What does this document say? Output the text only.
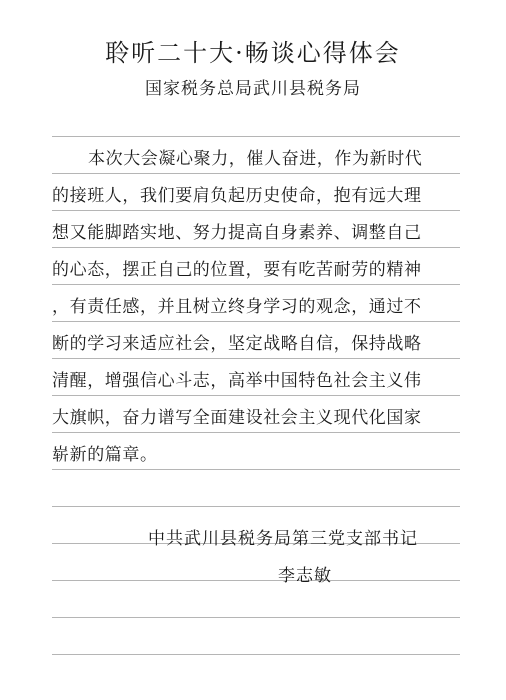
聆听二十大·畅谈心得体会
国家税务总局武川县税务局
本次大会凝心聚力，催人奋进，作为新时代
的接班人，我们要肩负起历史使命，抱有远大理
想又能脚踏实地、努力提高自身素养、调整自己
的心态，摆正自己的位置，要有吃苦耐劳的精神
，有责任感，并且树立终身学习的观念，通过不
断的学习来适应社会，坚定战略自信，保持战略
清醒，增强信心斗志，高举中国特色社会主义伟
大旗帜，奋力谱写全面建设社会主义现代化国家
崭新的篇章。
中共武川县税务局第三党支部书记
李志敏
